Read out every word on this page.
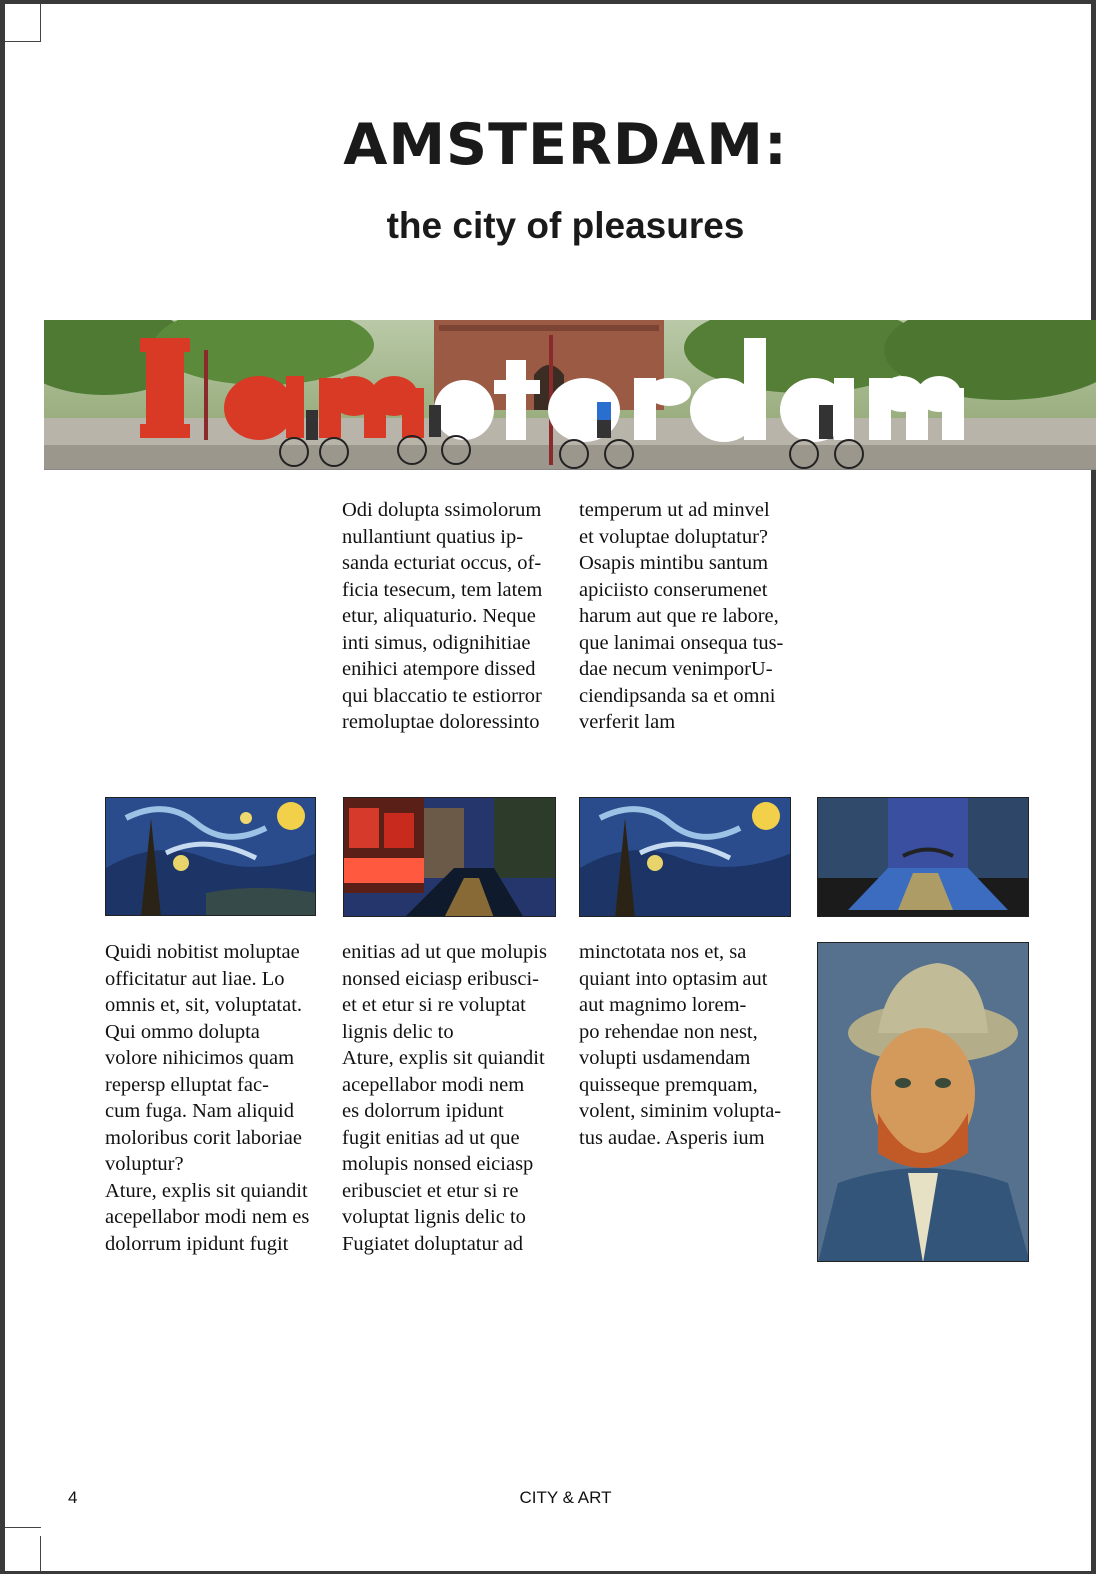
AMSTERDAM:
the city of pleasures

Odi dolupta ssimolorum
nullantiunt quatius ip-
sanda ecturiat occus, of-
ficia tesecum, tem latem
etur, aliquaturio. Neque
inti simus, odignihitiae
enihici atempore dissed
qui blaccatio te estiorror
remoluptae doloressinto

temperum ut ad minvel
et voluptae doluptatur?
Osapis mintibu santum
apiciisto conserumenet
harum aut que re labore,
que lanimai onsequa tus-
dae necum venimporU-
ciendipsanda sa et omni
verferit lam

Quidi nobitist moluptae
officitatur aut liae. Lo
omnis et, sit, voluptatat.
Qui ommo dolupta
volore nihicimos quam
repersp elluptat fac-
cum fuga. Nam aliquid
moloribus corit laboriae
voluptur?
Ature, explis sit quiandit
acepellabor modi nem es
dolorrum ipidunt fugit

enitias ad ut que molupis
nonsed eiciasp eribusci-
et et etur si re voluptat
lignis delic to
Ature, explis sit quiandit
acepellabor modi nem
es dolorrum ipidunt
fugit enitias ad ut que
molupis nonsed eiciasp
eribusciet et etur si re
voluptat lignis delic to
Fugiatet doluptatur ad

minctotata nos et, sa
quiant into optasim aut
aut magnimo lorem-
po rehendae non nest,
volupti usdamendam
quisseque premquam,
volent, siminim volupta-
tus audae. Asperis ium

4	CITY & ART
